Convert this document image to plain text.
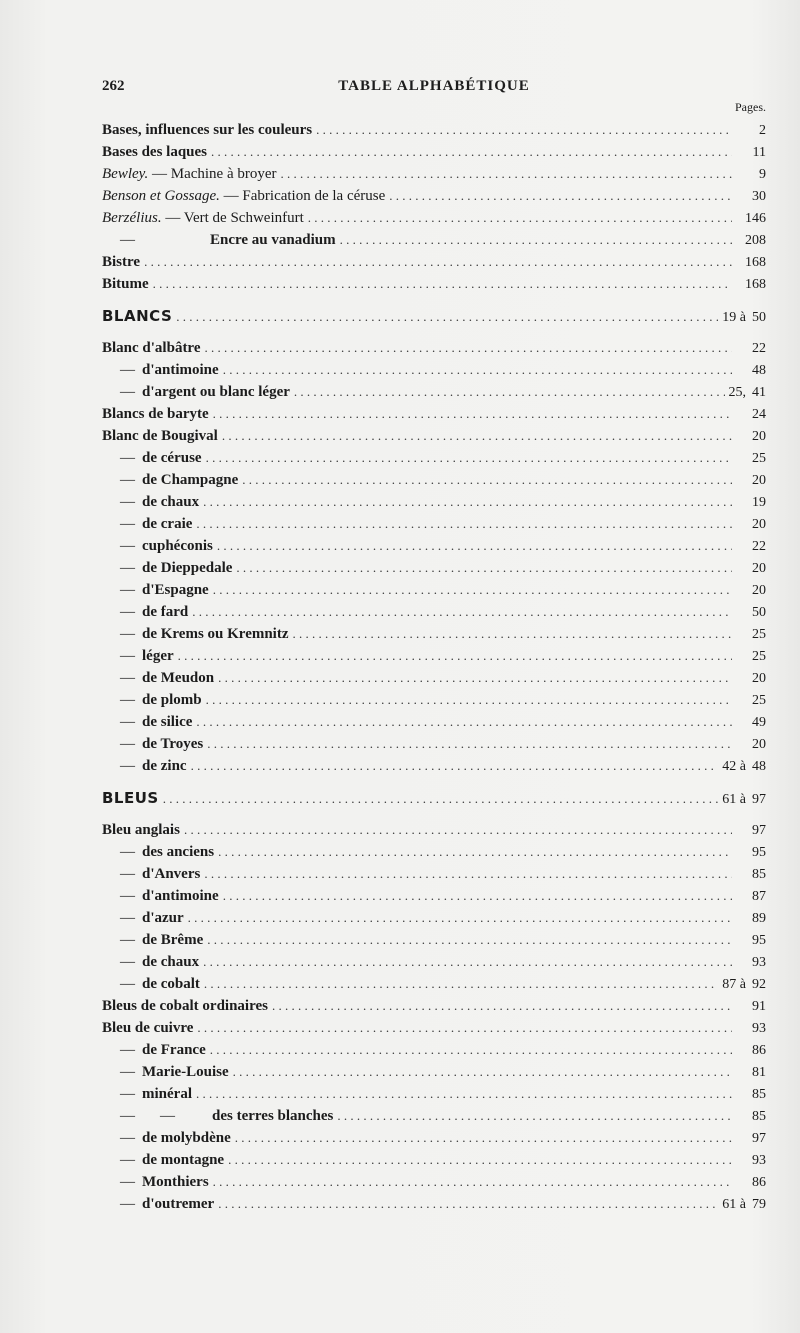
262	TABLE ALPHABÉTIQUE
Pages.
Bases, influences sur les couleurs . . .	2
Bases des laques . . .	11
Bewley. — Machine à broyer . . .	9
Benson et Gossage. — Fabrication de la céruse . . .	30
Berzélius. — Vert de Schweinfurt . . .	146
—	Encre au vanadium . . .	208
Bistre . . .	168
Bitume . . .	168
BLANCS . . .	19 à 50
Blanc d'albâtre . . .	22
— d'antimoine . . .	48
— d'argent ou blanc léger . . .	25, 41
Blancs de baryte . . .	24
Blanc de Bougival . . .	20
— de céruse . . .	25
— de Champagne . . .	20
— de chaux . . .	19
— de craie . . .	20
— cuphéconis . . .	22
— de Dieppedale . . .	20
— d'Espagne . . .	20
— de fard . . .	50
— de Krems ou Kremnitz . . .	25
— léger . . .	25
— de Meudon . . .	20
— de plomb . . .	25
— de silice . . .	49
— de Troyes . . .	20
— de zinc . . .	42 à 48
BLEUS . . .	61 à 97
Bleu anglais . . .	97
— des anciens . . .	95
— d'Anvers . . .	85
— d'antimoine . . .	87
— d'azur . . .	89
— de Brême . . .	95
— de chaux . . .	93
— de cobalt . . .	87 à 92
Bleus de cobalt ordinaires . . .	91
Bleu de cuivre . . .	93
— de France . . .	86
— Marie-Louise . . .	81
— minéral . . .	85
— — des terres blanches . . .	85
— de molybdène . . .	97
— de montagne . . .	93
— Monthiers . . .	86
— d'outremer . . .	61 à 79
